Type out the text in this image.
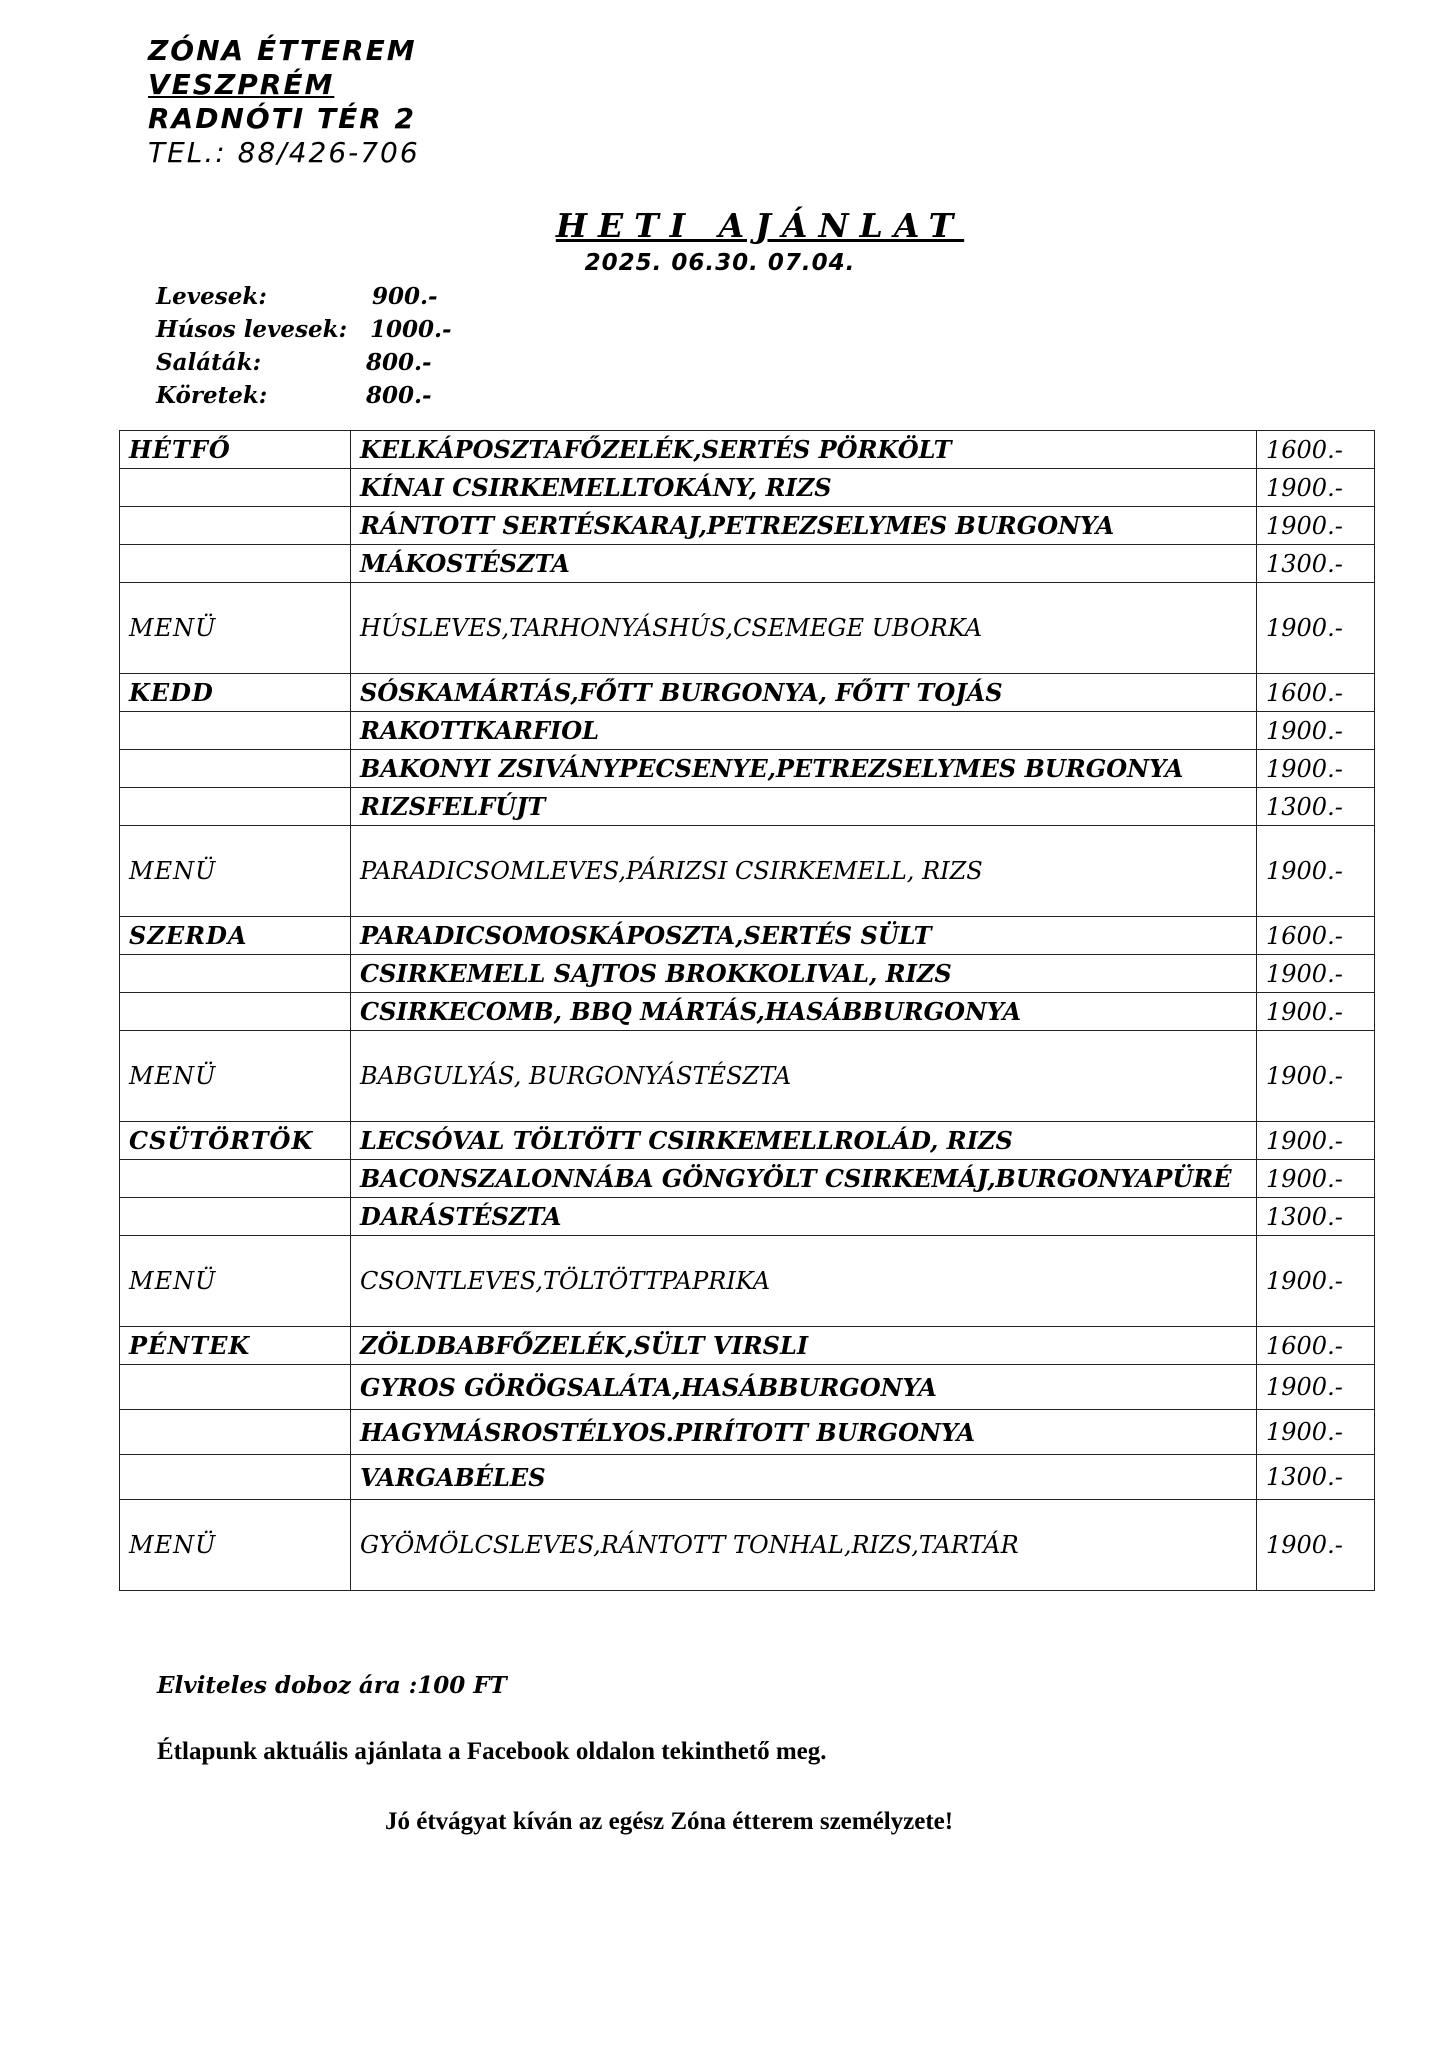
ZÓNA ÉTTEREM
VESZPRÉM
RADNÓTI TÉR 2
TEL.: 88/426-706
HETI AJÁNLAT
2025. 06.30. 07.04.
Levesek:	900.-
Húsos levesek: 1000.-
Saláták:	800.-
Köretek:	800.-
HÉTFŐ	KELKÁPOSZTAFŐZELÉK,SERTÉS PÖRKÖLT	1600.-
	KÍNAI CSIRKEMELLTOKÁNY, RIZS	1900.-
	RÁNTOTT SERTÉSKARAJ,PETREZSELYMES BURGONYA	1900.-
	MÁKOSTÉSZTA	1300.-
MENÜ	HÚSLEVES,TARHONYÁSHÚS,CSEMEGE UBORKA	1900.-
KEDD	SÓSKAMÁRTÁS,FŐTT BURGONYA, FŐTT TOJÁS	1600.-
	RAKOTTKARFIOL	1900.-
	BAKONYI ZSIVÁNYPECSENYE,PETREZSELYMES BURGONYA	1900.-
	RIZSFELFÚJT	1300.-
MENÜ	PARADICSOMLEVES,PÁRIZSI CSIRKEMELL, RIZS	1900.-
SZERDA	PARADICSOMOSKÁPOSZTA,SERTÉS SÜLT	1600.-
	CSIRKEMELL SAJTOS BROKKOLIVAL, RIZS	1900.-
	CSIRKECOMB, BBQ MÁRTÁS,HASÁBBURGONYA	1900.-
MENÜ	BABGULYÁS, BURGONYÁSTÉSZTA	1900.-
CSÜTÖRTÖK	LECSÓVAL TÖLTÖTT CSIRKEMELLROLÁD, RIZS	1900.-
	BACONSZALONNÁBA GÖNGYÖLT CSIRKEMÁJ,BURGONYAPÜRÉ	1900.-
	DARÁSTÉSZTA	1300.-
MENÜ	CSONTLEVES,TÖLTÖTTPAPRIKA	1900.-
PÉNTEK	ZÖLDBABFŐZELÉK,SÜLT VIRSLI	1600.-
	GYROS GÖRÖGSALÁTA,HASÁBBURGONYA	1900.-
	HAGYMÁSROSTÉLYOS.PIRÍTOTT BURGONYA	1900.-
	VARGABÉLES	1300.-
MENÜ	GYÖMÖLCSLEVES,RÁNTOTT TONHAL,RIZS,TARTÁR	1900.-
Elviteles doboz ára :100 FT
Étlapunk aktuális ajánlata a Facebook oldalon tekinthető meg.
Jó étvágyat kíván az egész Zóna étterem személyzete!
